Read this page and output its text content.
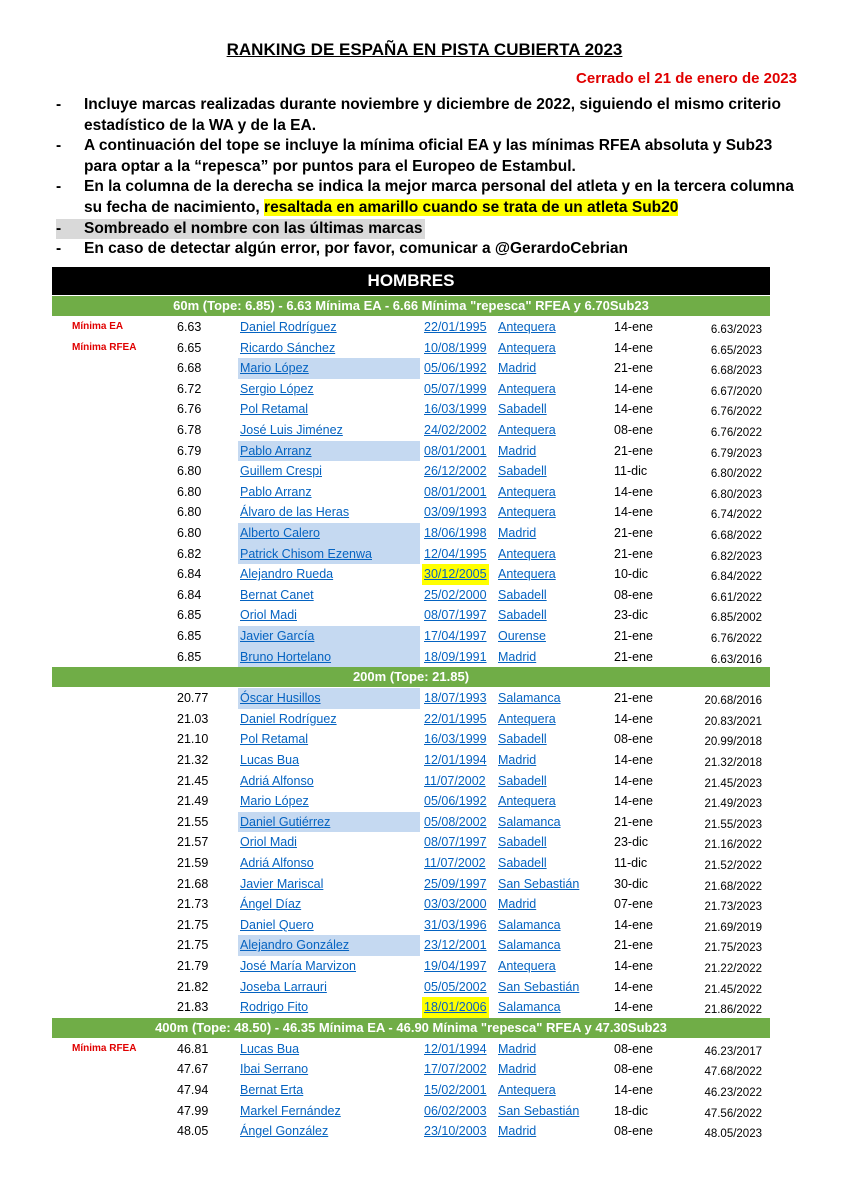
RANKING DE ESPAÑA EN PISTA CUBIERTA 2023
Cerrado el 21 de enero de 2023
- Incluye marcas realizadas durante noviembre y diciembre de 2022, siguiendo el mismo criterio estadístico de la WA y de la EA.
- A continuación del tope se incluye la mínima oficial EA y las mínimas RFEA absoluta y Sub23 para optar a la “repesca” por puntos para el Europeo de Estambul.
- En la columna de la derecha se indica la mejor marca personal del atleta y en la tercera columna su fecha de nacimiento, resaltada en amarillo cuando se trata de un atleta Sub20
- Sombreado el nombre con las últimas marcas
- En caso de detectar algún error, por favor, comunicar a @GerardoCebrian
HOMBRES
60m (Tope: 6.85) - 6.63 Mínima EA - 6.66 Mínima "repesca" RFEA y 6.70Sub23
Mínima EA	6.63	Daniel Rodríguez	22/01/1995 Antequera	14-ene	6.63/2023
Mínima RFEA	6.65	Ricardo Sánchez	10/08/1999 Antequera	14-ene	6.65/2023
6.68	Mario López	05/06/1992 Madrid	21-ene	6.68/2023
6.72	Sergio López	05/07/1999 Antequera	14-ene	6.67/2020
6.76	Pol Retamal	16/03/1999 Sabadell	14-ene	6.76/2022
6.78	José Luis Jiménez	24/02/2002 Antequera	08-ene	6.76/2022
6.79	Pablo Arranz	08/01/2001 Madrid	21-ene	6.79/2023
6.80	Guillem Crespi	26/12/2002 Sabadell	11-dic	6.80/2022
6.80	Pablo Arranz	08/01/2001 Antequera	14-ene	6.80/2023
6.80	Álvaro de las Heras	03/09/1993 Antequera	14-ene	6.74/2022
6.80	Alberto Calero	18/06/1998 Madrid	21-ene	6.68/2022
6.82	Patrick Chisom Ezenwa	12/04/1995 Antequera	21-ene	6.82/2023
6.84	Alejandro Rueda	30/12/2005 Antequera	10-dic	6.84/2022
6.84	Bernat Canet	25/02/2000 Sabadell	08-ene	6.61/2022
6.85	Oriol Madi	08/07/1997 Sabadell	23-dic	6.85/2002
6.85	Javier García	17/04/1997 Ourense	21-ene	6.76/2022
6.85	Bruno Hortelano	18/09/1991 Madrid	21-ene	6.63/2016
200m (Tope: 21.85)
20.77	Óscar Husillos	18/07/1993 Salamanca	21-ene	20.68/2016
21.03	Daniel Rodríguez	22/01/1995 Antequera	14-ene	20.83/2021
21.10	Pol Retamal	16/03/1999 Sabadell	08-ene	20.99/2018
21.32	Lucas Bua	12/01/1994 Madrid	14-ene	21.32/2018
21.45	Adriá Alfonso	11/07/2002 Sabadell	14-ene	21.45/2023
21.49	Mario López	05/06/1992 Antequera	14-ene	21.49/2023
21.55	Daniel Gutiérrez	05/08/2002 Salamanca	21-ene	21.55/2023
21.57	Oriol Madi	08/07/1997 Sabadell	23-dic	21.16/2022
21.59	Adriá Alfonso	11/07/2002 Sabadell	11-dic	21.52/2022
21.68	Javier Mariscal	25/09/1997 San Sebastián	30-dic	21.68/2022
21.73	Ángel Díaz	03/03/2000 Madrid	07-ene	21.73/2023
21.75	Daniel Quero	31/03/1996 Salamanca	14-ene	21.69/2019
21.75	Alejandro González	23/12/2001 Salamanca	21-ene	21.75/2023
21.79	José María Marvizon	19/04/1997 Antequera	14-ene	21.22/2022
21.82	Joseba Larrauri	05/05/2002 San Sebastián	14-ene	21.45/2022
21.83	Rodrigo Fito	18/01/2006 Salamanca	14-ene	21.86/2022
400m (Tope: 48.50) - 46.35 Mínima EA - 46.90 Mínima "repesca" RFEA y 47.30Sub23
Mínima RFEA	46.81	Lucas Bua	12/01/1994 Madrid	08-ene	46.23/2017
47.67	Ibai Serrano	17/07/2002 Madrid	08-ene	47.68/2022
47.94	Bernat Erta	15/02/2001 Antequera	14-ene	46.23/2022
47.99	Markel Fernández	06/02/2003 San Sebastián	18-dic	47.56/2022
48.05	Ángel González	23/10/2003 Madrid	08-ene	48.05/2023
